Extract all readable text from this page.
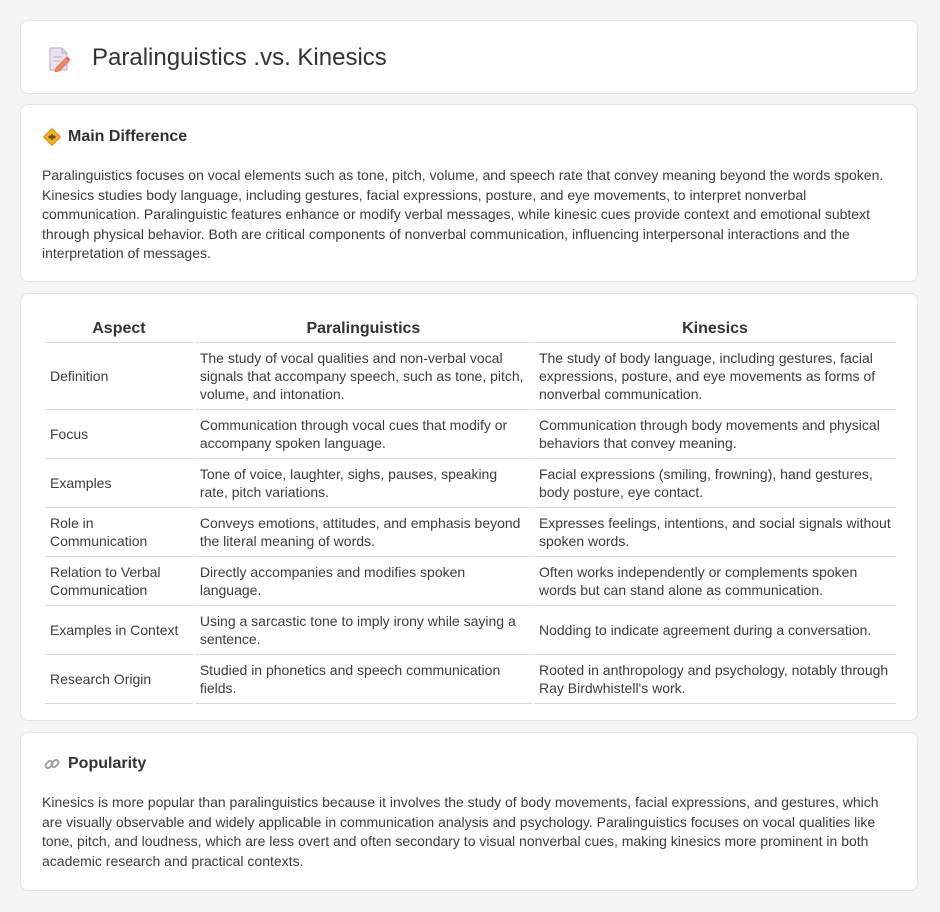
Paralinguistics .vs. Kinesics
Main Difference

Paralinguistics focuses on vocal elements such as tone, pitch, volume, and speech rate that convey meaning beyond the words spoken. Kinesics studies body language, including gestures, facial expressions, posture, and eye movements, to interpret nonverbal communication. Paralinguistic features enhance or modify verbal messages, while kinesic cues provide context and emotional subtext through physical behavior. Both are critical components of nonverbal communication, influencing interpersonal interactions and the interpretation of messages.

Aspect	Paralinguistics	Kinesics
Definition	The study of vocal qualities and non-verbal vocal signals that accompany speech, such as tone, pitch, volume, and intonation.	The study of body language, including gestures, facial expressions, posture, and eye movements as forms of nonverbal communication.
Focus	Communication through vocal cues that modify or accompany spoken language.	Communication through body movements and physical behaviors that convey meaning.
Examples	Tone of voice, laughter, sighs, pauses, speaking rate, pitch variations.	Facial expressions (smiling, frowning), hand gestures, body posture, eye contact.
Role in Communication	Conveys emotions, attitudes, and emphasis beyond the literal meaning of words.	Expresses feelings, intentions, and social signals without spoken words.
Relation to Verbal Communication	Directly accompanies and modifies spoken language.	Often works independently or complements spoken words but can stand alone as communication.
Examples in Context	Using a sarcastic tone to imply irony while saying a sentence.	Nodding to indicate agreement during a conversation.
Research Origin	Studied in phonetics and speech communication fields.	Rooted in anthropology and psychology, notably through Ray Birdwhistell's work.
Popularity

Kinesics is more popular than paralinguistics because it involves the study of body movements, facial expressions, and gestures, which are visually observable and widely applicable in communication analysis and psychology. Paralinguistics focuses on vocal qualities like tone, pitch, and loudness, which are less overt and often secondary to visual nonverbal cues, making kinesics more prominent in both academic research and practical contexts.
